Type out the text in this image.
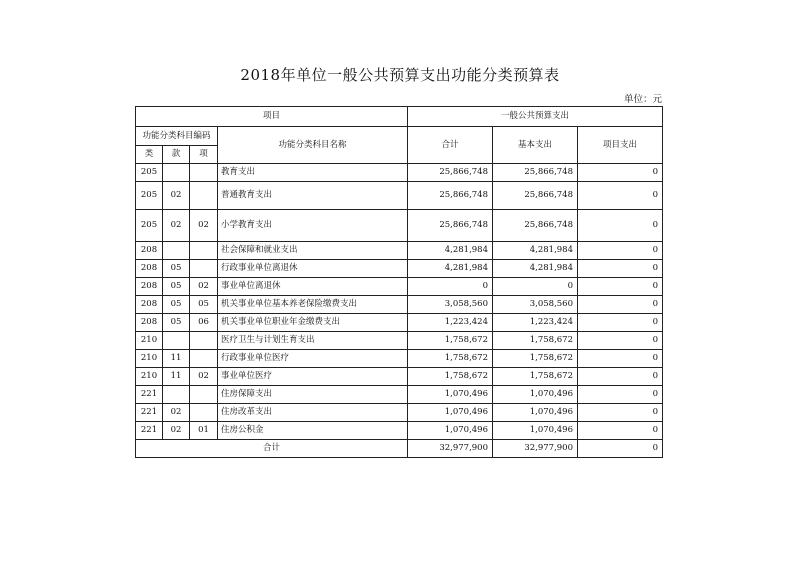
2018年单位一般公共预算支出功能分类预算表
单位：元
项目				一般公共预算支出		
功能分类科目编码			功能分类科目名称	合计	基本支出	项目支出
类	款	项				
205			教育支出	25,866,748	25,866,748	0
205	02		普通教育支出	25,866,748	25,866,748	0
205	02	02	小学教育支出	25,866,748	25,866,748	0
208			社会保障和就业支出	4,281,984	4,281,984	0
208	05		行政事业单位离退休	4,281,984	4,281,984	0
208	05	02	事业单位离退休	0	0	0
208	05	05	机关事业单位基本养老保险缴费支出	3,058,560	3,058,560	0
208	05	06	机关事业单位职业年金缴费支出	1,223,424	1,223,424	0
210			医疗卫生与计划生育支出	1,758,672	1,758,672	0
210	11		行政事业单位医疗	1,758,672	1,758,672	0
210	11	02	事业单位医疗	1,758,672	1,758,672	0
221			住房保障支出	1,070,496	1,070,496	0
221	02		住房改革支出	1,070,496	1,070,496	0
221	02	01	住房公积金	1,070,496	1,070,496	0
合计				32,977,900	32,977,900	0
